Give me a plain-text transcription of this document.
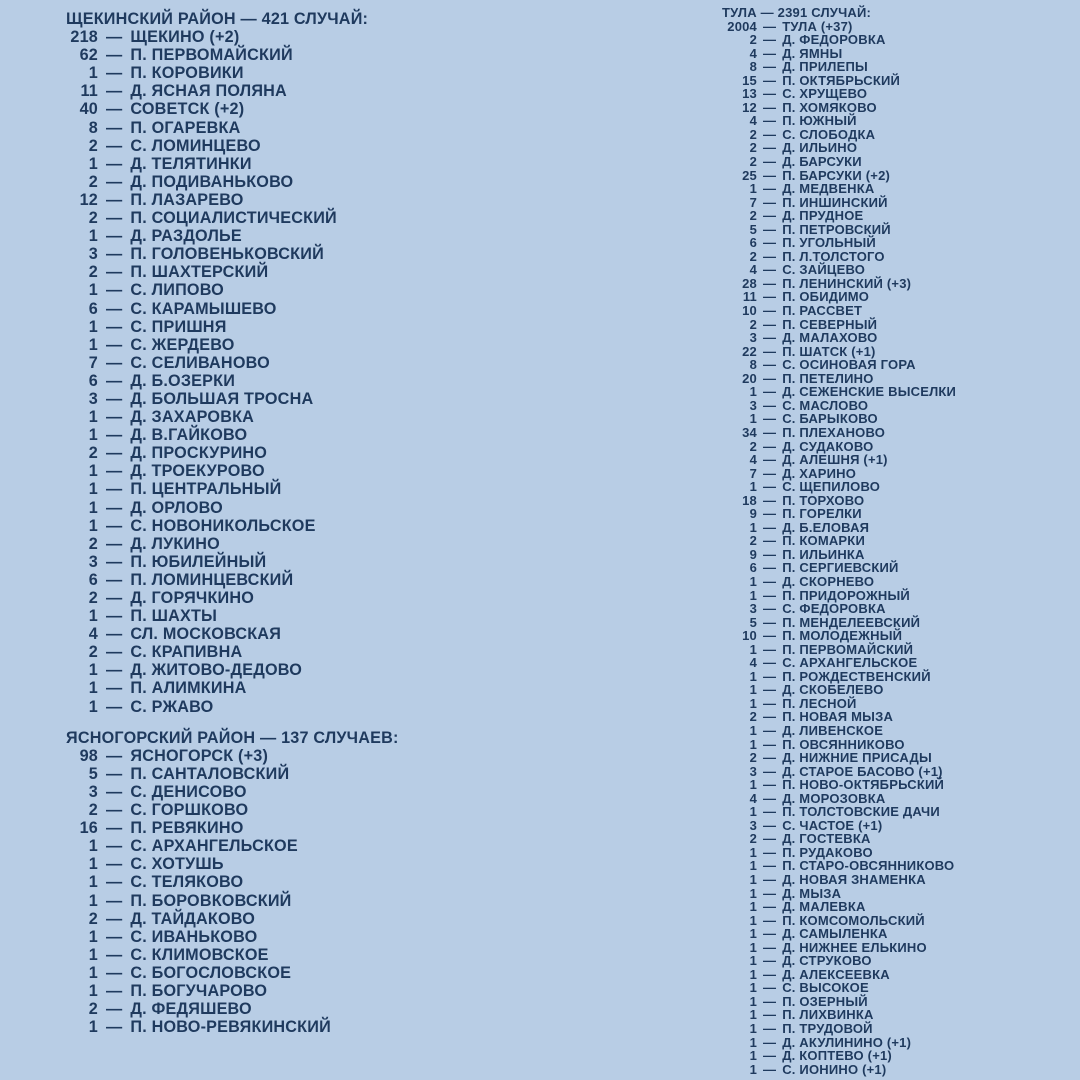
ЩЕКИНСКИЙ РАЙОН — 421 СЛУЧАЙ:
218 — ЩЕКИНО (+2)
62 — П. ПЕРВОМАЙСКИЙ
1 — П. КОРОВИКИ
11 — Д. ЯСНАЯ ПОЛЯНА
40 — СОВЕТСК (+2)
8 — П. ОГАРЕВКА
2 — С. ЛОМИНЦЕВО
1 — Д. ТЕЛЯТИНКИ
2 — Д. ПОДИВАНЬКОВО
12 — П. ЛАЗАРЕВО
2 — П. СОЦИАЛИСТИЧЕСКИЙ
1 — Д. РАЗДОЛЬЕ
3 — П. ГОЛОВЕНЬКОВСКИЙ
2 — П. ШАХТЕРСКИЙ
1 — С. ЛИПОВО
6 — С. КАРАМЫШЕВО
1 — С. ПРИШНЯ
1 — С. ЖЕРДЕВО
7 — С. СЕЛИВАНОВО
6 — Д. Б.ОЗЕРКИ
3 — Д. БОЛЬШАЯ ТРОСНА
1 — Д. ЗАХАРОВКА
1 — Д. В.ГАЙКОВО
2 — Д. ПРОСКУРИНО
1 — Д. ТРОЕКУРОВО
1 — П. ЦЕНТРАЛЬНЫЙ
1 — Д. ОРЛОВО
1 — С. НОВОНИКОЛЬСКОЕ
2 — Д. ЛУКИНО
3 — П. ЮБИЛЕЙНЫЙ
6 — П. ЛОМИНЦЕВСКИЙ
2 — Д. ГОРЯЧКИНО
1 — П. ШАХТЫ
4 — СЛ. МОСКОВСКАЯ
2 — С. КРАПИВНА
1 — Д. ЖИТОВО-ДЕДОВО
1 — П. АЛИМКИНА
1 — С. РЖАВО
ЯСНОГОРСКИЙ РАЙОН — 137 СЛУЧАЕВ:
98 — ЯСНОГОРСК (+3)
5 — П. САНТАЛОВСКИЙ
3 — С. ДЕНИСОВО
2 — С. ГОРШКОВО
16 — П. РЕВЯКИНО
1 — С. АРХАНГЕЛЬСКОЕ
1 — С. ХОТУШЬ
1 — С. ТЕЛЯКОВО
1 — П. БОРОВКОВСКИЙ
2 — Д. ТАЙДАКОВО
1 — С. ИВАНЬКОВО
1 — С. КЛИМОВСКОЕ
1 — С. БОГОСЛОВСКОЕ
1 — П. БОГУЧАРОВО
2 — Д. ФЕДЯШЕВО
1 — П. НОВО-РЕВЯКИНСКИЙ
ТУЛА — 2391 СЛУЧАЙ:
2004 — ТУЛА (+37)
2 — Д. ФЕДОРОВКА
4 — Д. ЯМНЫ
8 — Д. ПРИЛЕПЫ
15 — П. ОКТЯБРЬСКИЙ
13 — С. ХРУЩЕВО
12 — П. ХОМЯКОВО
4 — П. ЮЖНЫЙ
2 — С. СЛОБОДКА
2 — Д. ИЛЬИНО
2 — Д. БАРСУКИ
25 — П. БАРСУКИ (+2)
1 — Д. МЕДВЕНКА
7 — П. ИНШИНСКИЙ
2 — Д. ПРУДНОЕ
5 — П. ПЕТРОВСКИЙ
6 — П. УГОЛЬНЫЙ
2 — П. Л.ТОЛСТОГО
4 — С. ЗАЙЦЕВО
28 — П. ЛЕНИНСКИЙ (+3)
11 — П. ОБИДИМО
10 — П. РАССВЕТ
2 — П. СЕВЕРНЫЙ
3 — Д. МАЛАХОВО
22 — П. ШАТСК (+1)
8 — С. ОСИНОВАЯ ГОРА
20 — П. ПЕТЕЛИНО
1 — Д. СЕЖЕНСКИЕ ВЫСЕЛКИ
3 — С. МАСЛОВО
1 — С. БАРЫКОВО
34 — П. ПЛЕХАНОВО
2 — Д. СУДАКОВО
4 — Д. АЛЕШНЯ (+1)
7 — Д. ХАРИНО
1 — С. ЩЕПИЛОВО
18 — П. ТОРХОВО
9 — П. ГОРЕЛКИ
1 — Д. Б.ЕЛОВАЯ
2 — П. КОМАРКИ
9 — П. ИЛЬИНКА
6 — П. СЕРГИЕВСКИЙ
1 — Д. СКОРНЕВО
1 — П. ПРИДОРОЖНЫЙ
3 — С. ФЕДОРОВКА
5 — П. МЕНДЕЛЕЕВСКИЙ
10 — П. МОЛОДЕЖНЫЙ
1 — П. ПЕРВОМАЙСКИЙ
4 — С. АРХАНГЕЛЬСКОЕ
1 — П. РОЖДЕСТВЕНСКИЙ
1 — Д. СКОБЕЛЕВО
1 — П. ЛЕСНОЙ
2 — П. НОВАЯ МЫЗА
1 — Д. ЛИВЕНСКОЕ
1 — П. ОВСЯННИКОВО
2 — Д. НИЖНИЕ ПРИСАДЫ
3 — Д. СТАРОЕ БАСОВО (+1)
1 — П. НОВО-ОКТЯБРЬСКИЙ
4 — Д. МОРОЗОВКА
1 — П. ТОЛСТОВСКИЕ ДАЧИ
3 — С. ЧАСТОЕ (+1)
2 — Д. ГОСТЕВКА
1 — П. РУДАКОВО
1 — П. СТАРО-ОВСЯННИКОВО
1 — Д. НОВАЯ ЗНАМЕНКА
1 — Д. МЫЗА
1 — Д. МАЛЕВКА
1 — П. КОМСОМОЛЬСКИЙ
1 — Д. САМЫЛЕНКА
1 — Д. НИЖНЕЕ ЕЛЬКИНО
1 — Д. СТРУКОВО
1 — Д. АЛЕКСЕЕВКА
1 — С. ВЫСОКОЕ
1 — П. ОЗЕРНЫЙ
1 — П. ЛИХВИНКА
1 — П. ТРУДОВОЙ
1 — Д. АКУЛИНИНО (+1)
1 — Д. КОПТЕВО (+1)
1 — С. ИОНИНО (+1)
